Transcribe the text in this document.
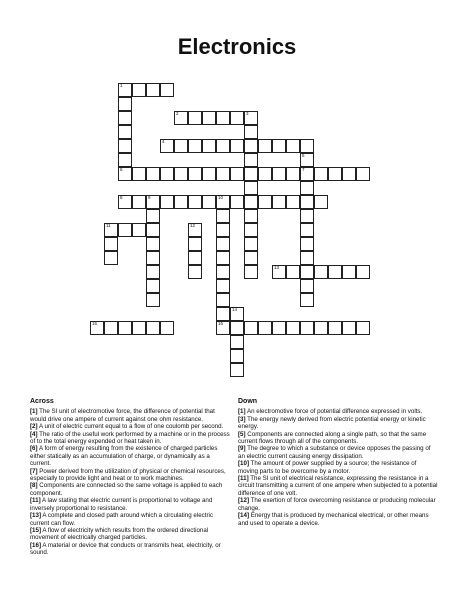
Electronics
1
6
2	3
4
5
7
8	9	10
11	12
13
14
15	16
Across

[1] The SI unit of electromotive force, the difference of potential that would drive one ampere of current against one ohm resistance.

[2] A unit of electric current equal to a flow of one coulomb per second.

[4] The ratio of the useful work performed by a machine or in the process of to the total energy expended or heat taken in.

[6] A form of energy resulting from the existence of charged particles either statically as an accumulation of charge, or dynamically as a current.

[7] Power derived from the utilization of physical or chemical resources, especially to provide light and heat or to work machines.

[8] Components are connected so the same voltage is applied to each component.

[11] A law stating that electric current is proportional to voltage and inversely proportional to resistance.

[13] A complete and closed path around which a circulating electric current can flow.

[15] A flow of electricity which results from the ordered directional movement of electrically charged particles.

[16] A material or device that conducts or transmits heat, electricity, or sound.

Down

[1] An electromotive force of potential difference expressed in volts.

[3] The energy newly derived from electric potential energy or kinetic energy.

[5] Components are connected along a single path, so that the same current flows through all of the components.

[9] The degree to which a substance or device opposes the passing of an electric current causing energy dissipation.

[10] The amount of power supplied by a source; the resistance of moving parts to be overcome by a motor.

[11] The SI unit of electrical resistance, expressing the resistance in a circuit transmitting a current of one ampere when subjected to a potential difference of one volt.

[12] The exertion of force overcoming resistance or producing molecular change.

[14] Energy that is produced by mechanical electrical, or other means and used to operate a device.
